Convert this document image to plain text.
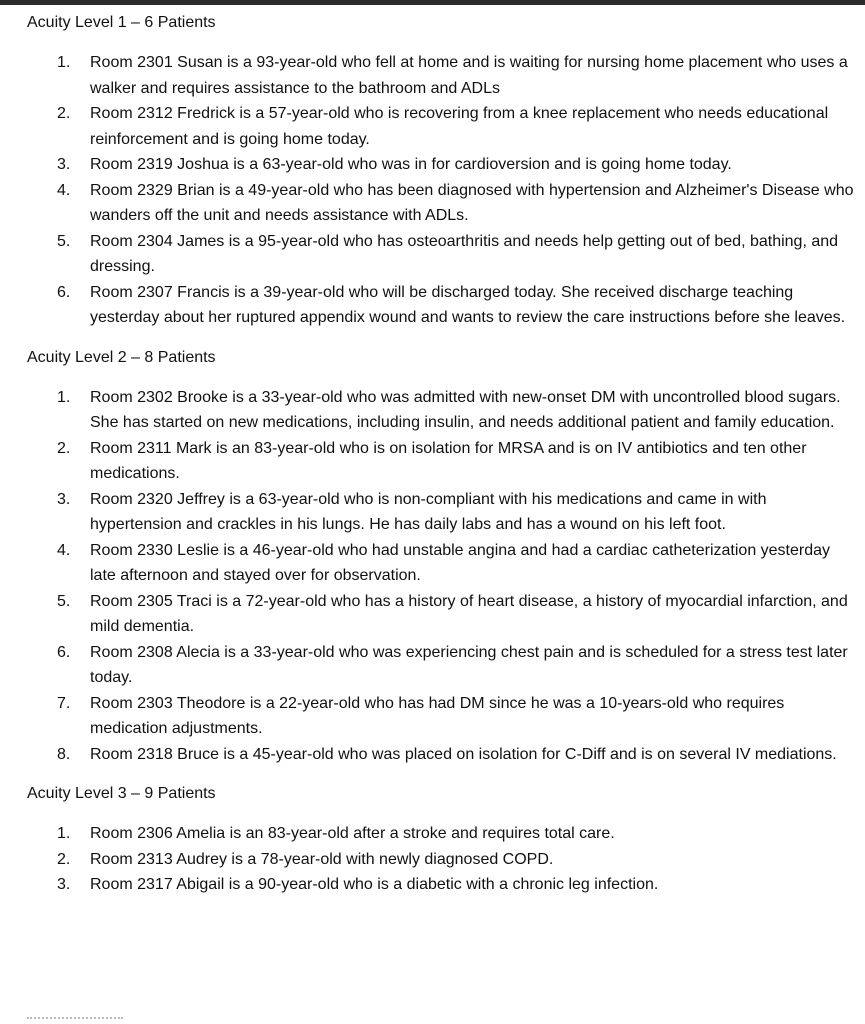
Acuity Level 1 – 6 Patients
1.	Room 2301 Susan is a 93-year-old who fell at home and is waiting for nursing home placement who uses a walker and requires assistance to the bathroom and ADLs
2.	Room 2312 Fredrick is a 57-year-old who is recovering from a knee replacement who needs educational reinforcement and is going home today.
3.	Room 2319 Joshua is a 63-year-old who was in for cardioversion and is going home today.
4.	Room 2329 Brian is a 49-year-old who has been diagnosed with hypertension and Alzheimer's Disease who wanders off the unit and needs assistance with ADLs.
5.	Room 2304 James is a 95-year-old who has osteoarthritis and needs help getting out of bed, bathing, and dressing.
6.	Room 2307 Francis is a 39-year-old who will be discharged today. She received discharge teaching yesterday about her ruptured appendix wound and wants to review the care instructions before she leaves.
Acuity Level 2 – 8 Patients
1.	Room 2302 Brooke is a 33-year-old who was admitted with new-onset DM with uncontrolled blood sugars. She has started on new medications, including insulin, and needs additional patient and family education.
2.	Room 2311 Mark is an 83-year-old who is on isolation for MRSA and is on IV antibiotics and ten other medications.
3.	Room 2320 Jeffrey is a 63-year-old who is non-compliant with his medications and came in with hypertension and crackles in his lungs. He has daily labs and has a wound on his left foot.
4.	Room 2330 Leslie is a 46-year-old who had unstable angina and had a cardiac catheterization yesterday late afternoon and stayed over for observation.
5.	Room 2305 Traci is a 72-year-old who has a history of heart disease, a history of myocardial infarction, and mild dementia.
6.	Room 2308 Alecia is a 33-year-old who was experiencing chest pain and is scheduled for a stress test later today.
7.	Room 2303 Theodore is a 22-year-old who has had DM since he was a 10-years-old who requires medication adjustments.
8.	Room 2318 Bruce is a 45-year-old who was placed on isolation for C-Diff and is on several IV mediations.
Acuity Level 3 – 9 Patients
1.	Room 2306 Amelia is an 83-year-old after a stroke and requires total care.
2.	Room 2313 Audrey is a 78-year-old with newly diagnosed COPD.
3.	Room 2317 Abigail is a 90-year-old who is a diabetic with a chronic leg infection.
